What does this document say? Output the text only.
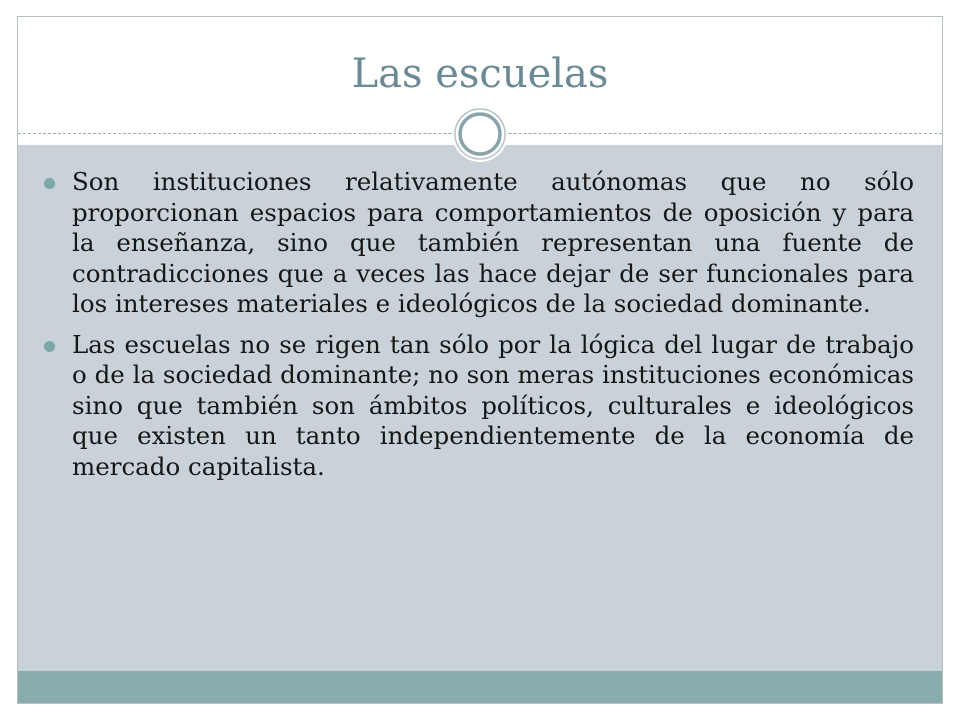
Las escuelas
Son instituciones relativamente autónomas que no sólo proporcionan espacios para comportamientos de oposición y para la enseñanza, sino que también representan una fuente de contradicciones que a veces las hace dejar de ser funcionales para los intereses materiales e ideológicos de la sociedad dominante.
Las escuelas no se rigen tan sólo por la lógica del lugar de trabajo o de la sociedad dominante; no son meras instituciones económicas sino que también son ámbitos políticos, culturales e ideológicos que existen un tanto independientemente de la economía de mercado capitalista.
